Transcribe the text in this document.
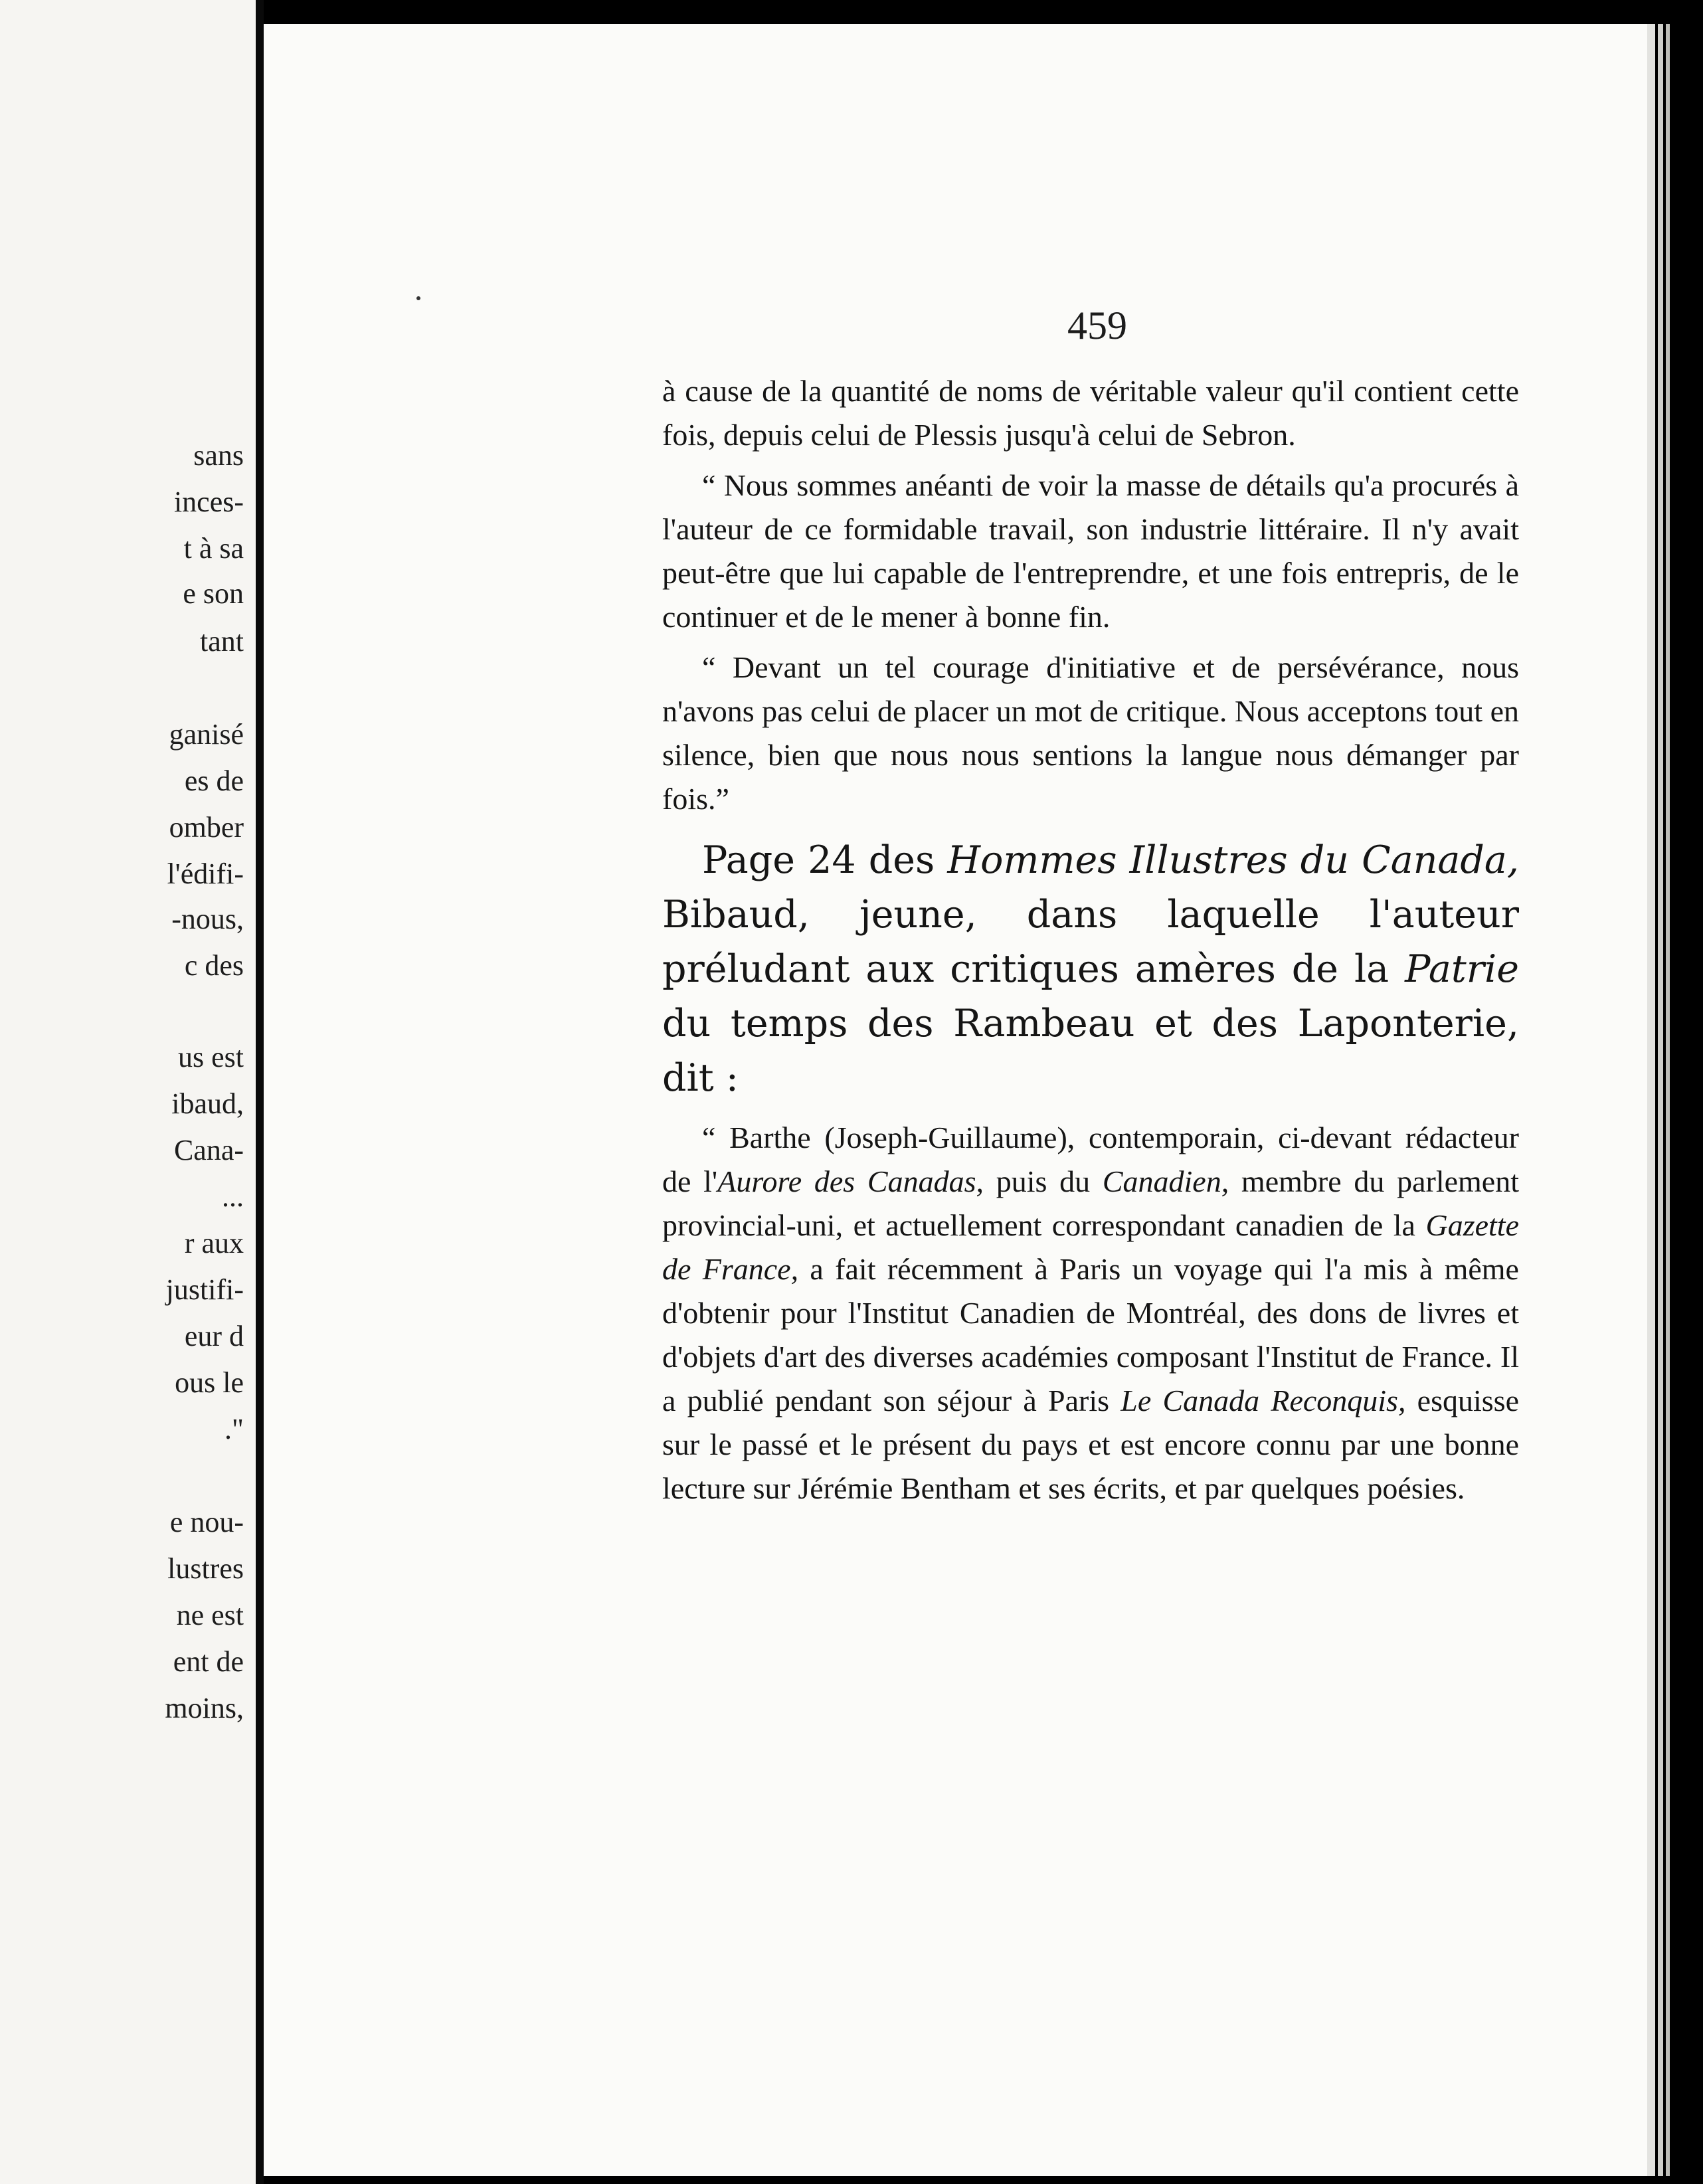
sans
inces-
t à sa
e son
tant
ganisé
es de
omber
l'édifi-
-nous,
c des
us est
ibaud,
Cana-
...
r aux
justifi-
eur d
ous le
."
e nou-
lustres
ne est
ent de
moins,
459

à cause de la quantité de noms de véritable valeur qu'il contient cette fois, depuis celui de Plessis jusqu'à celui de Sebron.

“ Nous sommes anéanti de voir la masse de détails qu'a procurés à l'auteur de ce formidable travail, son industrie littéraire. Il n'y avait peut-être que lui capable de l'entreprendre, et une fois entrepris, de le continuer et de le mener à bonne fin.

“ Devant un tel courage d'initiative et de persévérance, nous n'avons pas celui de placer un mot de critique. Nous acceptons tout en silence, bien que nous nous sentions la langue nous démanger par fois.”

Page 24 des Hommes Illustres du Canada, Bibaud, jeune, dans laquelle l'auteur préludant aux critiques amères de la Patrie du temps des Rambeau et des Laponterie, dit :

“ Barthe (Joseph-Guillaume), contemporain, ci-devant rédacteur de l'Aurore des Canadas, puis du Canadien, membre du parlement provincial-uni, et actuellement correspondant canadien de la Gazette de France, a fait récemment à Paris un voyage qui l'a mis à même d'obtenir pour l'Institut Canadien de Montréal, des dons de livres et d'objets d'art des diverses académies composant l'Institut de France. Il a publié pendant son séjour à Paris Le Canada Reconquis, esquisse sur le passé et le présent du pays et est encore connu par une bonne lecture sur Jérémie Bentham et ses écrits, et par quelques poésies.
